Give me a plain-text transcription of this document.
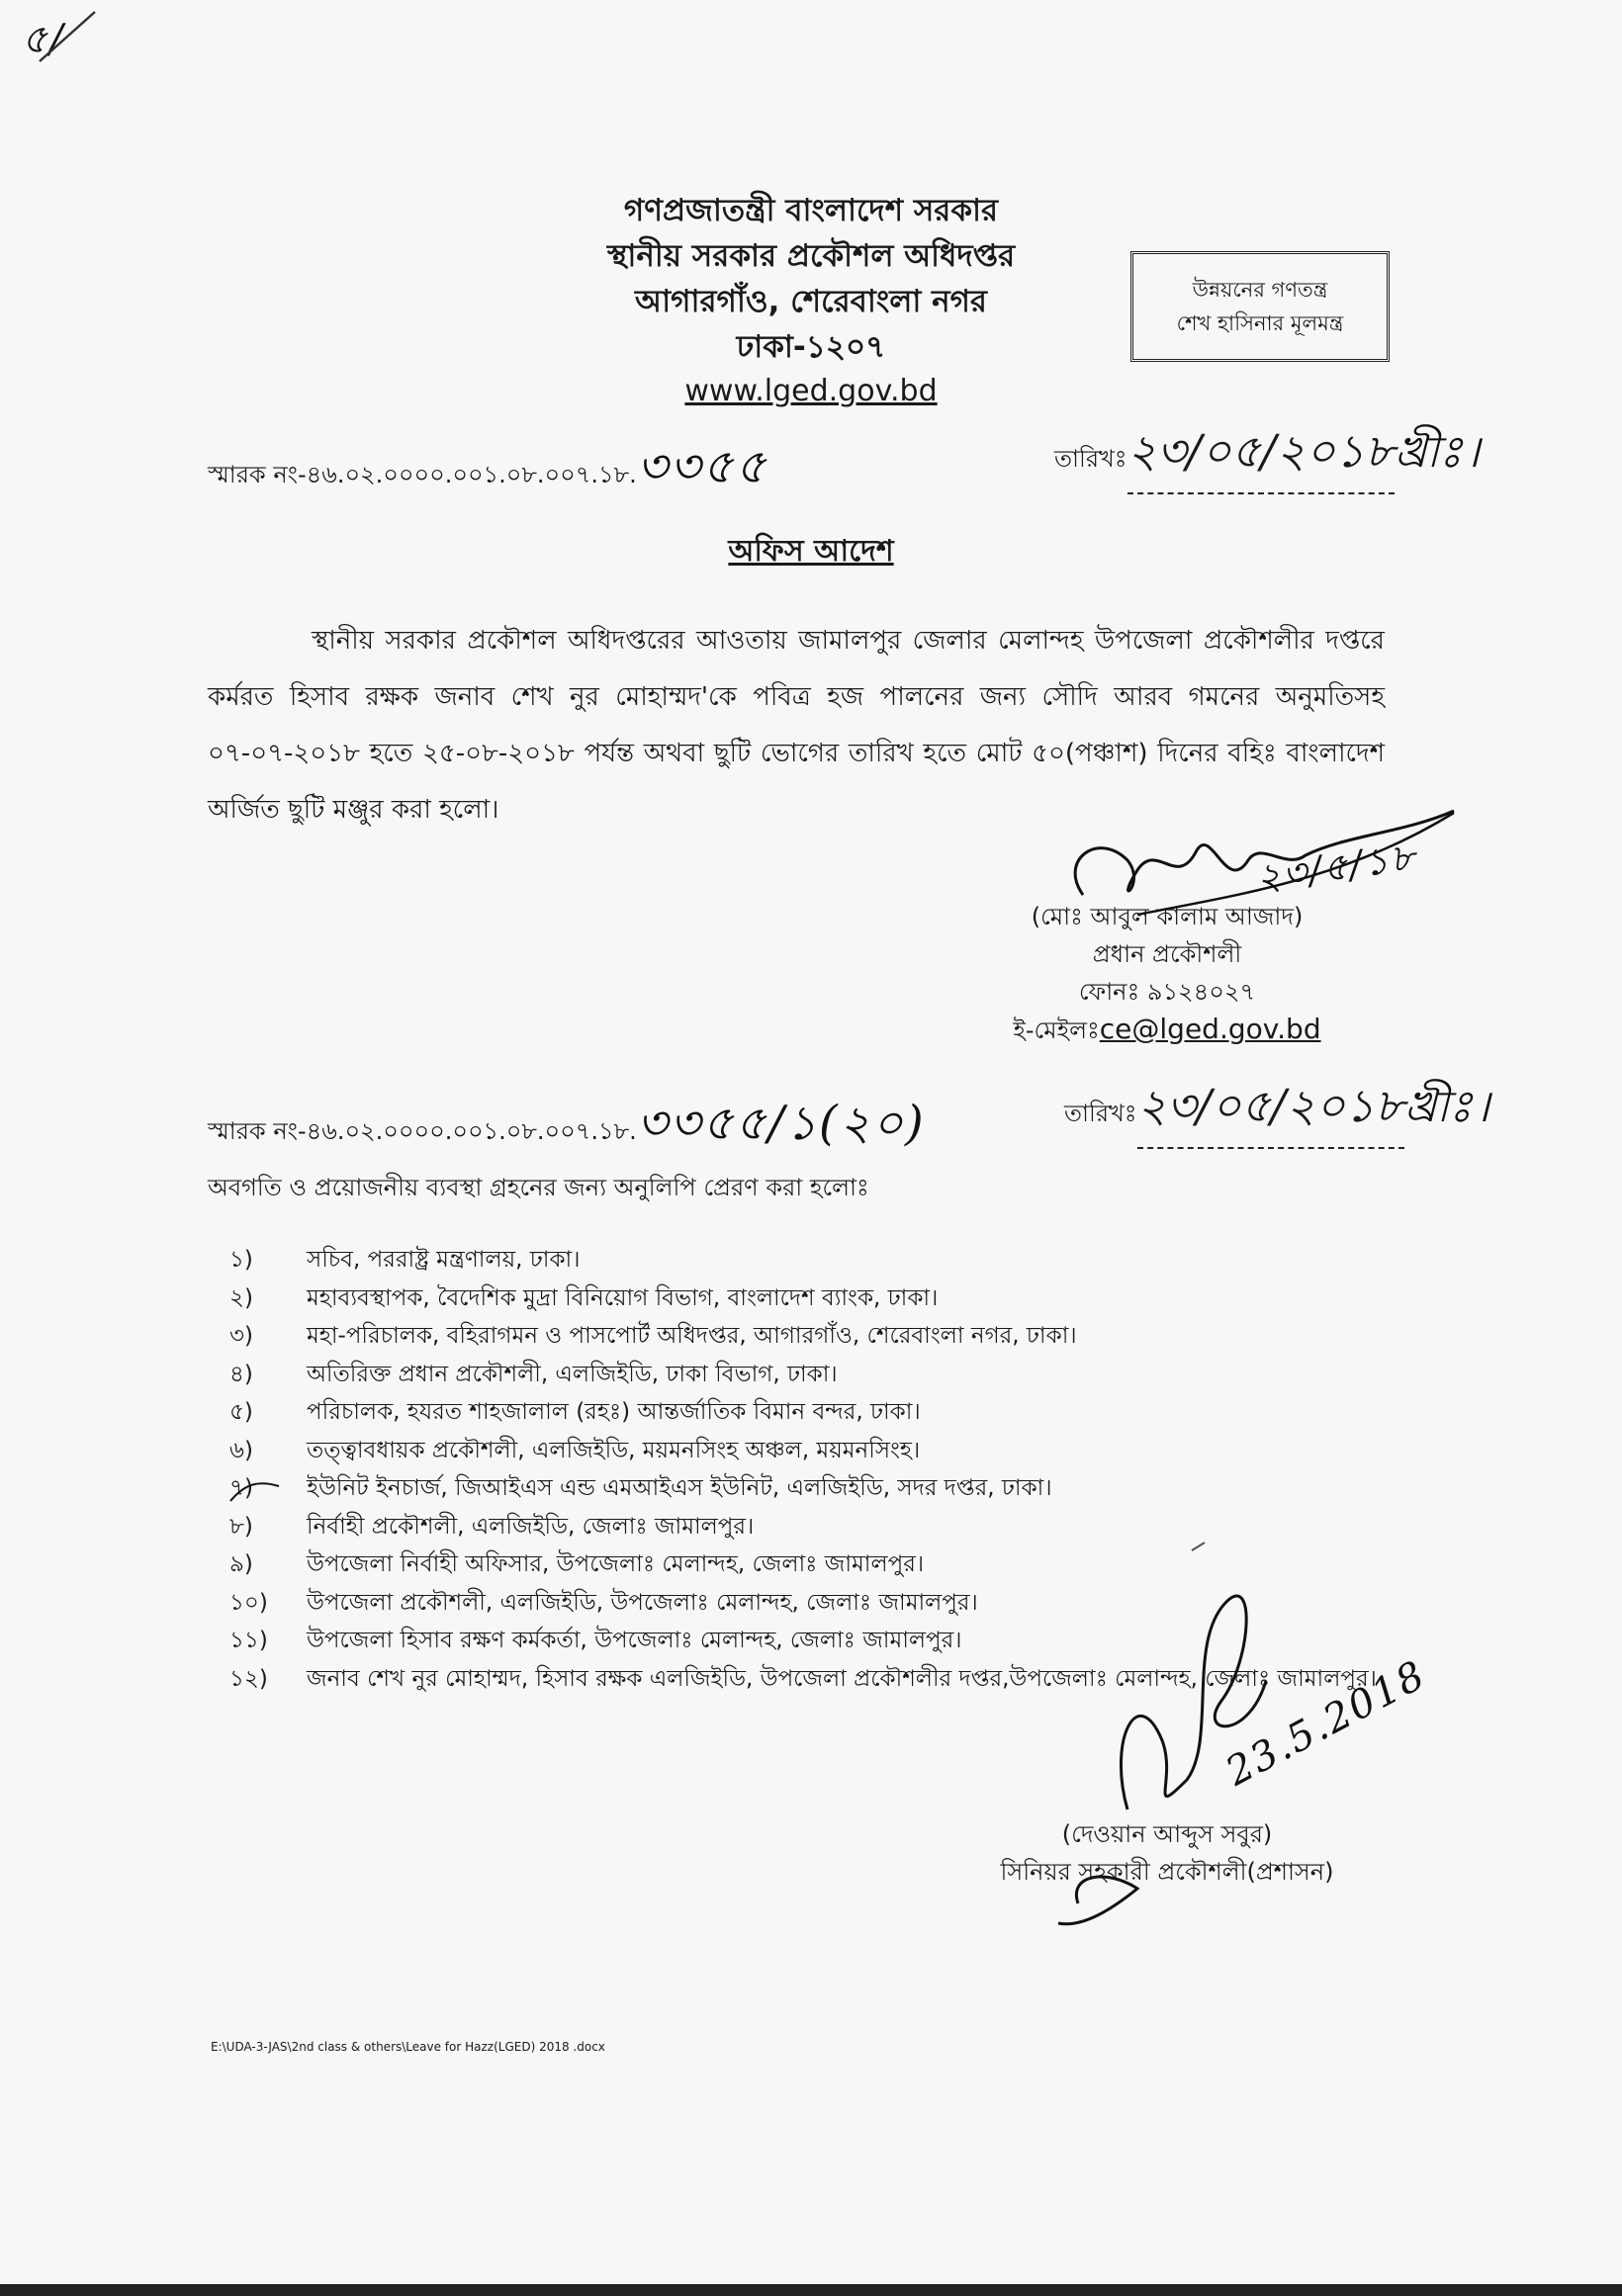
৫/
গণপ্রজাতন্ত্রী বাংলাদেশ সরকার
স্থানীয় সরকার প্রকৌশল অধিদপ্তর
আগারগাঁও, শেরেবাংলা নগর
ঢাকা-১২০৭
www.lged.gov.bd
উন্নয়নের গণতন্ত্র
শেখ হাসিনার মূলমন্ত্র
স্মারক নং-৪৬.০২.০০০০.০০১.০৮.০০৭.১৮.৩৩৫৫	তারিখঃ২৩/০৫/২০১৮খ্রীঃ।
অফিস আদেশ
স্থানীয় সরকার প্রকৌশল অধিদপ্তরের আওতায় জামালপুর জেলার মেলান্দহ উপজেলা প্রকৌশলীর দপ্তরে কর্মরত হিসাব রক্ষক জনাব শেখ নুর মোহাম্মদ'কে পবিত্র হজ পালনের জন্য সৌদি আরব গমনের অনুমতিসহ ০৭-০৭-২০১৮ হতে ২৫-০৮-২০১৮ পর্যন্ত অথবা ছুটি ভোগের তারিখ হতে মোট ৫০(পঞ্চাশ) দিনের বহিঃ বাংলাদেশ অর্জিত ছুটি মঞ্জুর করা হলো।
(মোঃ আবুল কালাম আজাদ)
প্রধান প্রকৌশলী
ফোনঃ ৯১২৪০২৭
ই-মেইলঃce@lged.gov.bd
২৩/৫/১৮
স্মারক নং-৪৬.০২.০০০০.০০১.০৮.০০৭.১৮.৩৩৫৫/১(২০)	তারিখঃ২৩/০৫/২০১৮খ্রীঃ।
অবগতি ও প্রয়োজনীয় ব্যবস্থা গ্রহনের জন্য অনুলিপি প্রেরণ করা হলোঃ
১)	সচিব, পররাষ্ট্র মন্ত্রণালয়, ঢাকা।
২)	মহাব্যবস্থাপক, বৈদেশিক মুদ্রা বিনিয়োগ বিভাগ, বাংলাদেশ ব্যাংক, ঢাকা।
৩)	মহা-পরিচালক, বহিরাগমন ও পাসপোর্ট অধিদপ্তর, আগারগাঁও, শেরেবাংলা নগর, ঢাকা।
৪)	অতিরিক্ত প্রধান প্রকৌশলী, এলজিইডি, ঢাকা বিভাগ, ঢাকা।
৫)	পরিচালক, হযরত শাহজালাল (রহঃ) আন্তর্জাতিক বিমান বন্দর, ঢাকা।
৬)	তত্ত্বাবধায়ক প্রকৌশলী, এলজিইডি, ময়মনসিংহ অঞ্চল, ময়মনসিংহ।
৭)	ইউনিট ইনচার্জ, জিআইএস এন্ড এমআইএস ইউনিট, এলজিইডি, সদর দপ্তর, ঢাকা।
৮)	নির্বাহী প্রকৌশলী, এলজিইডি, জেলাঃ জামালপুর।
৯)	উপজেলা নির্বাহী অফিসার, উপজেলাঃ মেলান্দহ, জেলাঃ জামালপুর।
১০)	উপজেলা প্রকৌশলী, এলজিইডি, উপজেলাঃ মেলান্দহ, জেলাঃ জামালপুর।
১১)	উপজেলা হিসাব রক্ষণ কর্মকর্তা, উপজেলাঃ মেলান্দহ, জেলাঃ জামালপুর।
১২)	জনাব শেখ নুর মোহাম্মদ, হিসাব রক্ষক এলজিইডি, উপজেলা প্রকৌশলীর দপ্তর,উপজেলাঃ মেলান্দহ, জেলাঃ জামালপুর।
23.5.2018
(দেওয়ান আব্দুস সবুর)
সিনিয়র সহকারী প্রকৌশলী(প্রশাসন)
E:\UDA-3-JAS\2nd class & others\Leave for Hazz(LGED) 2018 .docx
